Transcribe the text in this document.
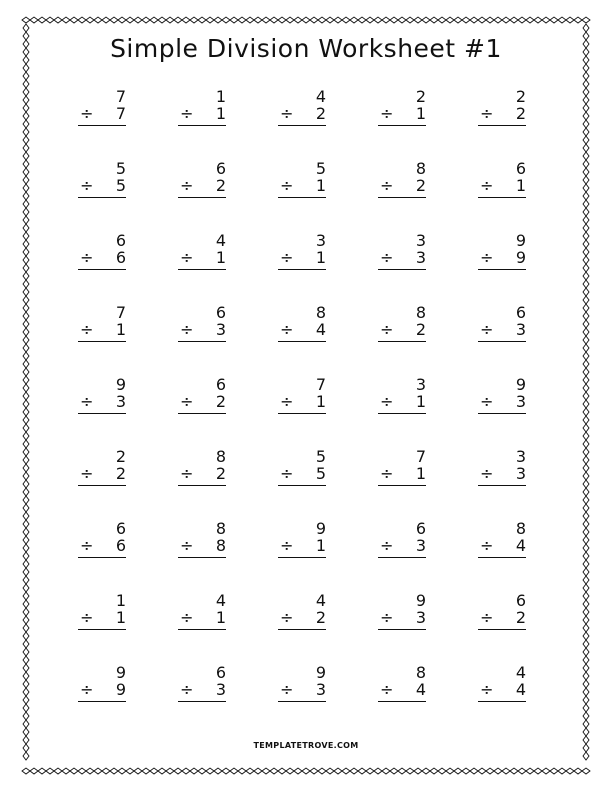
Simple Division Worksheet #1
7
÷ 7
1
÷ 1
4
÷ 2
2
÷ 1
2
÷ 2
5
÷ 5
6
÷ 2
5
÷ 1
8
÷ 2
6
÷ 1
6
÷ 6
4
÷ 1
3
÷ 1
3
÷ 3
9
÷ 9
7
÷ 1
6
÷ 3
8
÷ 4
8
÷ 2
6
÷ 3
9
÷ 3
6
÷ 2
7
÷ 1
3
÷ 1
9
÷ 3
2
÷ 2
8
÷ 2
5
÷ 5
7
÷ 1
3
÷ 3
6
÷ 6
8
÷ 8
9
÷ 1
6
÷ 3
8
÷ 4
1
÷ 1
4
÷ 1
4
÷ 2
9
÷ 3
6
÷ 2
9
÷ 9
6
÷ 3
9
÷ 3
8
÷ 4
4
÷ 4
TEMPLATETROVE.COM
